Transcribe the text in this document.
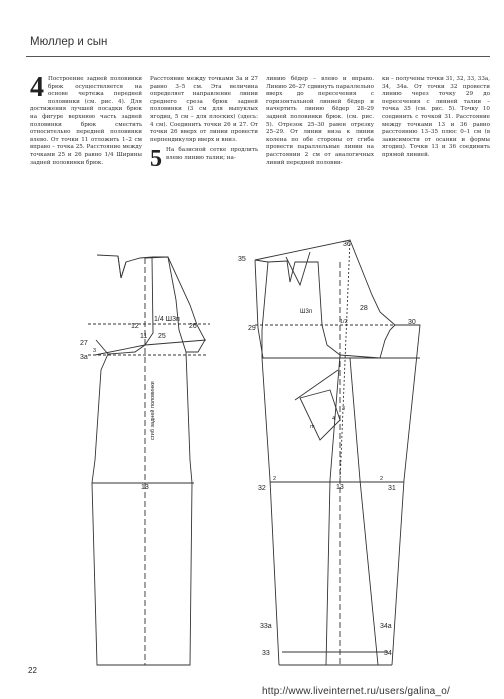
Мюллер и сын
4 Построение задней половинки брюк осуществляется на основе чертежа передней половинки (см. рис. 4). Для достижения лучшей посадки брюк на фигуре верхнюю часть задней половинки брюк сместить относительно передней половинки влево. От точки 11 отложить 1–2 см вправо – точка 25. Расстояние между точками 25 и 26 равно 1/4 Ширины задней половинки брюк.

Расстояние между точками 3а и 27 равно 3–5 см. Эта величина определяет направление линии среднего среза брюк задней половинки (3 см для выпуклых ягодиц, 5 см – для плоских) (здесь: 4 см). Соединить точки 26 и 27. От точки 26 вверх от линии провести перпендикуляр вверх и вниз.

5 На базисной сетке продлить влево линию талии; на-

линию бёдер – влево и вправо. Линию 26–27 сдвинуть параллельно вверх до пересечения с горизонтальной линией бёдер и начертить линию бёдер 28–29 задней половинки брюк. (см. рис. 5). Отрезок 25–30 равен отрезку 25–29. От линии низа к линии колена по обе стороны от сгиба провести параллельные линии на расстоянии 2 см от аналогичных линий передней половин-

ки – получены точки 31, 32, 33, 33а, 34, 34а. От точки 32 провести линию через точку 29 до пересечения с линией талии – точка 35 (см. рис. 5). Точку 10 соединить с точкой 31. Расстояние между точками 13 и 36 равно расстоянию 13–35 плюс 0–1 см (в зависимости от осанки и формы ягодиц). Точки 13 и 36 соединить прямой линией.

1/4 Ш3п
26
12
11 25
27
3a
3
13
сгиб задней половинки
36
35
28
Ш3п
29
30
1/2
32
2	2
13	31
33a	34a
33	34
3
4
m
22
http://www.liveinternet.ru/users/galina_o/
